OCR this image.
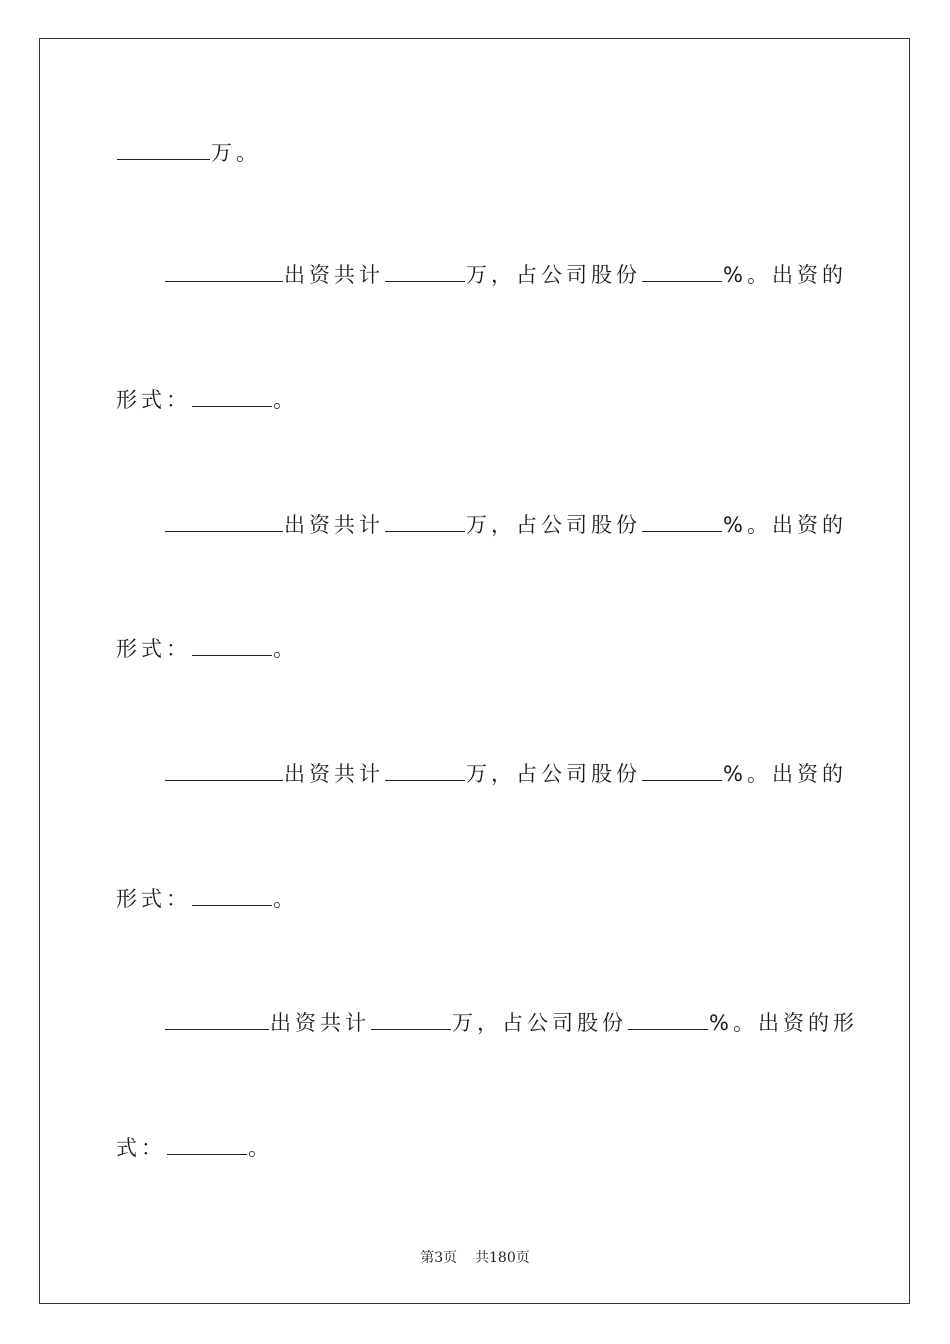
万。
出资共计	万，占公司股份	%。出资的
形式：	。
出资共计	万，占公司股份	%。出资的
形式：	。
出资共计	万，占公司股份	%。出资的
形式：	。
出资共计	万，占公司股份	%。出资的形
式：	。
第3页 共180页
